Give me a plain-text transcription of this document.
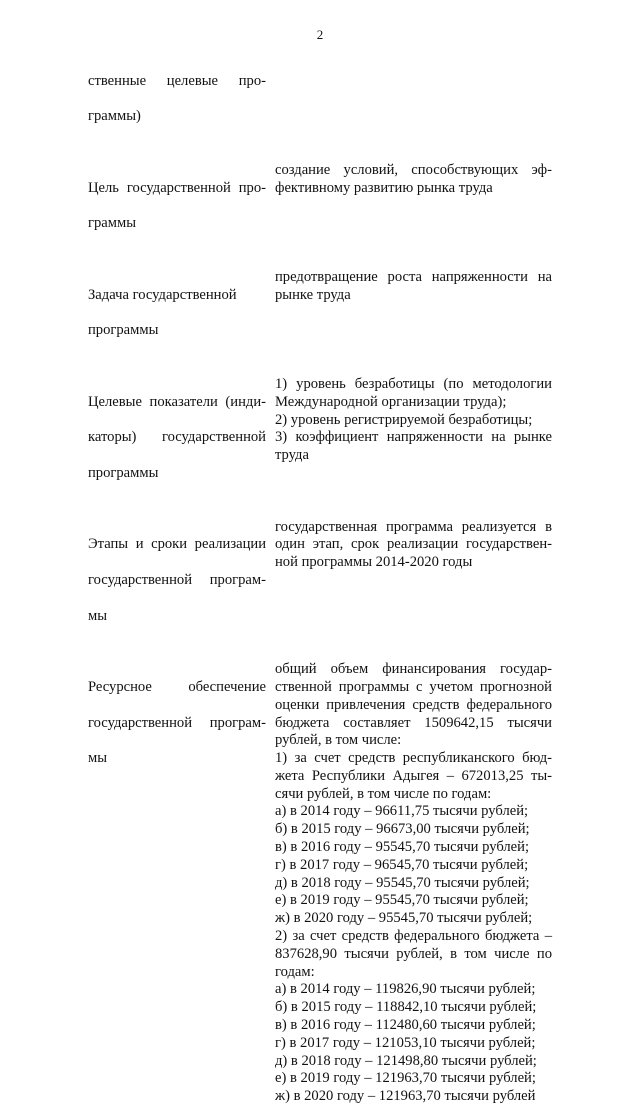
2

ственные целевые про-

граммы)

Цель государственной про-

граммы

создание условий, способствующих эф-
фективному развитию рынка труда

Задача государственной

программы

предотвращение роста напряженности на
рынке труда

Целевые показатели (инди-

каторы) государственной

программы

1) уровень безработицы (по методологии
Международной организации труда);
2) уровень регистрируемой безработицы;
3) коэффициент напряженности на рынке
труда

Этапы и сроки реализации

государственной програм-

мы

государственная программа реализуется в
один этап, срок реализации государствен-
ной программы 2014-2020 годы

Ресурсное обеспечение

государственной програм-

мы

общий объем финансирования государ-
ственной программы с учетом прогнозной
оценки привлечения средств федерального
бюджета составляет 1509642,15 тысячи
рублей, в том числе:
1) за счет средств республиканского бюд-
жета Республики Адыгея – 672013,25 ты-
сячи рублей, в том числе по годам:
а) в 2014 году – 96611,75 тысячи рублей;
б) в 2015 году – 96673,00 тысячи рублей;
в) в 2016 году – 95545,70 тысячи рублей;
г) в 2017 году – 96545,70 тысячи рублей;
д) в 2018 году – 95545,70 тысячи рублей;
е) в 2019 году – 95545,70 тысячи рублей;
ж) в 2020 году – 95545,70 тысячи рублей;
2) за счет средств федерального бюджета –
837628,90 тысячи рублей, в том числе по
годам:
а) в 2014 году – 119826,90 тысячи рублей;
б) в 2015 году – 118842,10 тысячи рублей;
в) в 2016 году – 112480,60 тысячи рублей;
г) в 2017 году – 121053,10 тысячи рублей;
д) в 2018 году – 121498,80 тысячи рублей;
е) в 2019 году – 121963,70 тысячи рублей;
ж) в 2020 году – 121963,70 тысячи рублей
